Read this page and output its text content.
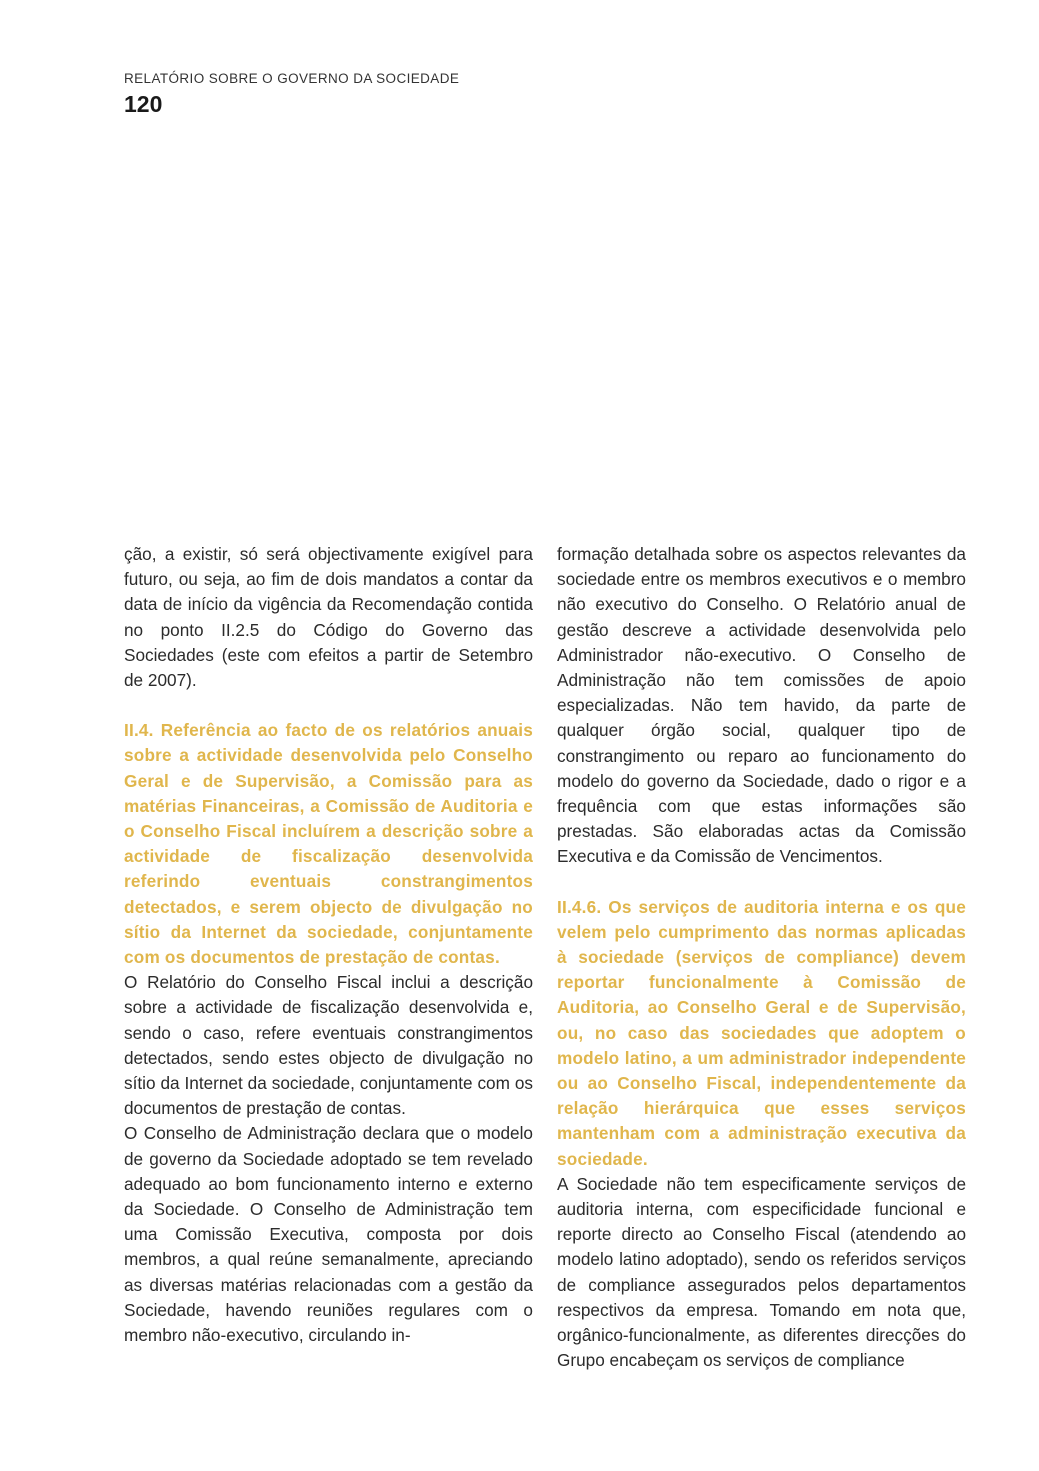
RELATÓRIO SOBRE O GOVERNO DA SOCIEDADE
120

ção, a existir, só será objectivamente exigível para futuro, ou seja, ao fim de dois mandatos a contar da data de início da vigência da Recomendação contida no ponto II.2.5 do Código do Governo das Sociedades (este com efeitos a partir de Setembro de 2007).

II.4. Referência ao facto de os relatórios anuais sobre a actividade desenvolvida pelo Conselho Geral e de Supervisão, a Comissão para as matérias Financeiras, a Comissão de Auditoria e o Conselho Fiscal incluírem a descrição sobre a actividade de fiscalização desenvolvida referindo eventuais constrangimentos detectados, e serem objecto de divulgação no sítio da Internet da sociedade, conjuntamente com os documentos de prestação de contas.

O Relatório do Conselho Fiscal inclui a descrição sobre a actividade de fiscalização desenvolvida e, sendo o caso, refere eventuais constrangimentos detectados, sendo estes objecto de divulgação no sítio da Internet da sociedade, conjuntamente com os documentos de prestação de contas.

O Conselho de Administração declara que o modelo de governo da Sociedade adoptado se tem revelado adequado ao bom funcionamento interno e externo da Sociedade. O Conselho de Administração tem uma Comissão Executiva, composta por dois membros, a qual reúne semanalmente, apreciando as diversas matérias relacionadas com a gestão da Sociedade, havendo reuniões regulares com o membro não-executivo, circulando in-

formação detalhada sobre os aspectos relevantes da sociedade entre os membros executivos e o membro não executivo do Conselho. O Relatório anual de gestão descreve a actividade desenvolvida pelo Administrador não-executivo. O Conselho de Administração não tem comissões de apoio especializadas. Não tem havido, da parte de qualquer órgão social, qualquer tipo de constrangimento ou reparo ao funcionamento do modelo do governo da Sociedade, dado o rigor e a frequência com que estas informações são prestadas. São elaboradas actas da Comissão Executiva e da Comissão de Vencimentos.

II.4.6. Os serviços de auditoria interna e os que velem pelo cumprimento das normas aplicadas à sociedade (serviços de compliance) devem reportar funcionalmente à Comissão de Auditoria, ao Conselho Geral e de Supervisão, ou, no caso das sociedades que adoptem o modelo latino, a um administrador independente ou ao Conselho Fiscal, independentemente da relação hierárquica que esses serviços mantenham com a administração executiva da sociedade.

A Sociedade não tem especificamente serviços de auditoria interna, com especificidade funcional e reporte directo ao Conselho Fiscal (atendendo ao modelo latino adoptado), sendo os referidos serviços de compliance assegurados pelos departamentos respectivos da empresa. Tomando em nota que, orgânico-funcionalmente, as diferentes direcções do Grupo encabeçam os serviços de compliance
